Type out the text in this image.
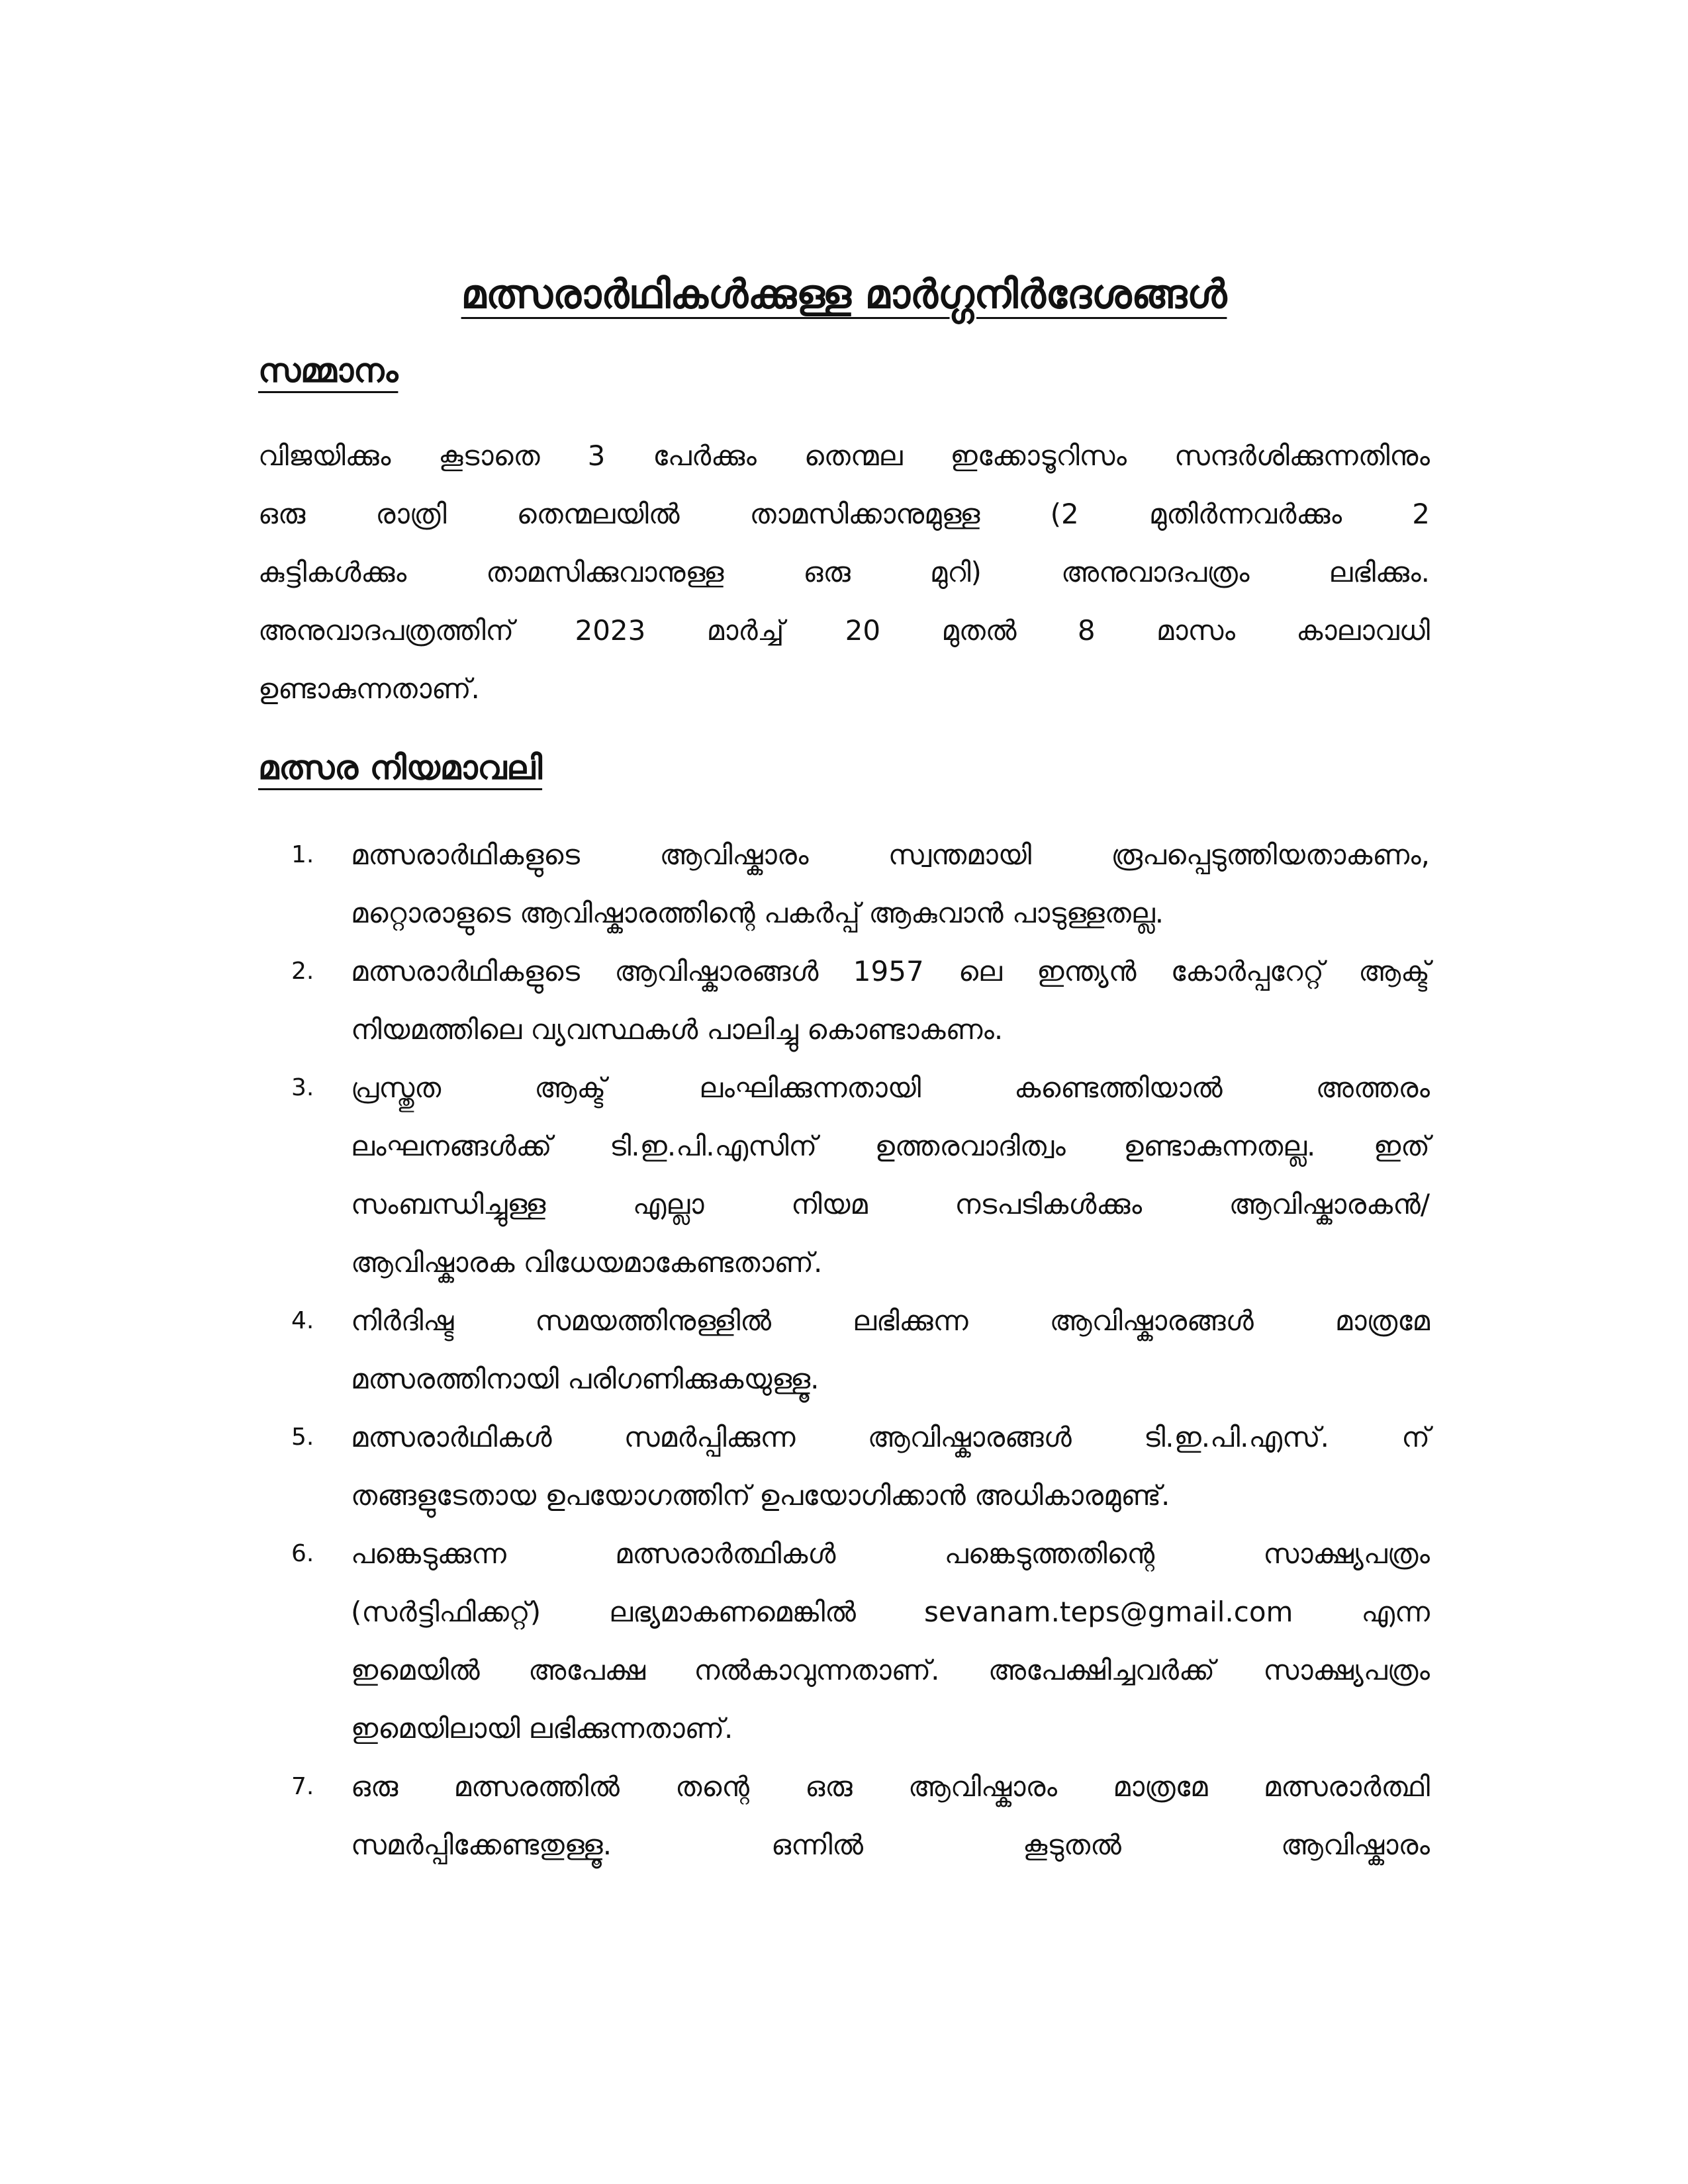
മത്സരാർഥികൾക്കുള്ള മാർഗ്ഗനിർദേശങ്ങൾ
സമ്മാനം

വിജയിക്കും കൂടാതെ 3 പേർക്കും തെന്മല ഇക്കോടൂറിസം സന്ദർശിക്കുന്നതിനും
ഒരു രാത്രി തെന്മലയിൽ താമസിക്കാനുമുള്ള (2 മുതിർന്നവർക്കും 2
കുട്ടികൾക്കും താമസിക്കുവാനുള്ള ഒരു മുറി) അനുവാദപത്രം ലഭിക്കും.
അനുവാദപത്രത്തിന് 2023 മാർച്ച് 20 മുതൽ 8 മാസം കാലാവധി
ഉണ്ടാകുന്നതാണ്.

മത്സര നിയമാവലി
1.	മത്സരാർഥികളുടെ ആവിഷ്കാരം സ്വന്തമായി രൂപപ്പെടുത്തിയതാകണം,
മറ്റൊരാളുടെ ആവിഷ്കാരത്തിന്റെ പകർപ്പ് ആകുവാൻ പാടുള്ളതല്ല.
2.	മത്സരാർഥികളുടെ ആവിഷ്കാരങ്ങൾ 1957 ലെ ഇന്ത്യൻ കോർപ്പറേറ്റ് ആക്ട്
നിയമത്തിലെ വ്യവസ്ഥകൾ പാലിച്ചു കൊണ്ടാകണം.
3.	പ്രസ്തുത ആക്ട് ലംഘിക്കുന്നതായി കണ്ടെത്തിയാൽ അത്തരം
ലംഘനങ്ങൾക്ക് ടി.ഇ.പി.എസിന് ഉത്തരവാദിത്വം ഉണ്ടാകുന്നതല്ല. ഇത്
സംബന്ധിച്ചുള്ള എല്ലാ നിയമ നടപടികൾക്കും ആവിഷ്കാരകൻ/
ആവിഷ്കാരക വിധേയമാകേണ്ടതാണ്.
4.	നിർദിഷ്ട സമയത്തിനുള്ളിൽ ലഭിക്കുന്ന ആവിഷ്കാരങ്ങൾ മാത്രമേ
മത്സരത്തിനായി പരിഗണിക്കുകയുള്ളൂ.
5.	മത്സരാർഥികൾ സമർപ്പിക്കുന്ന ആവിഷ്കാരങ്ങൾ ടി.ഇ.പി.എസ്. ന്
തങ്ങളുടേതായ ഉപയോഗത്തിന് ഉപയോഗിക്കാൻ അധികാരമുണ്ട്.
6.	പങ്കെടുക്കുന്ന മത്സരാർത്ഥികൾ പങ്കെടുത്തതിന്റെ സാക്ഷ്യപത്രം
(സർട്ടിഫിക്കറ്റ്) ലഭ്യമാകണമെങ്കിൽ sevanam.teps@gmail.com എന്ന
ഇമെയിൽ അപേക്ഷ നൽകാവുന്നതാണ്. അപേക്ഷിച്ചവർക്ക് സാക്ഷ്യപത്രം
ഇമെയിലായി ലഭിക്കുന്നതാണ്.
7.	ഒരു മത്സരത്തിൽ തന്റെ ഒരു ആവിഷ്കാരം മാത്രമേ മത്സരാർത്ഥി
സമർപ്പിക്കേണ്ടതുള്ളൂ. ഒന്നിൽ കൂടുതൽ ആവിഷ്കാരം
